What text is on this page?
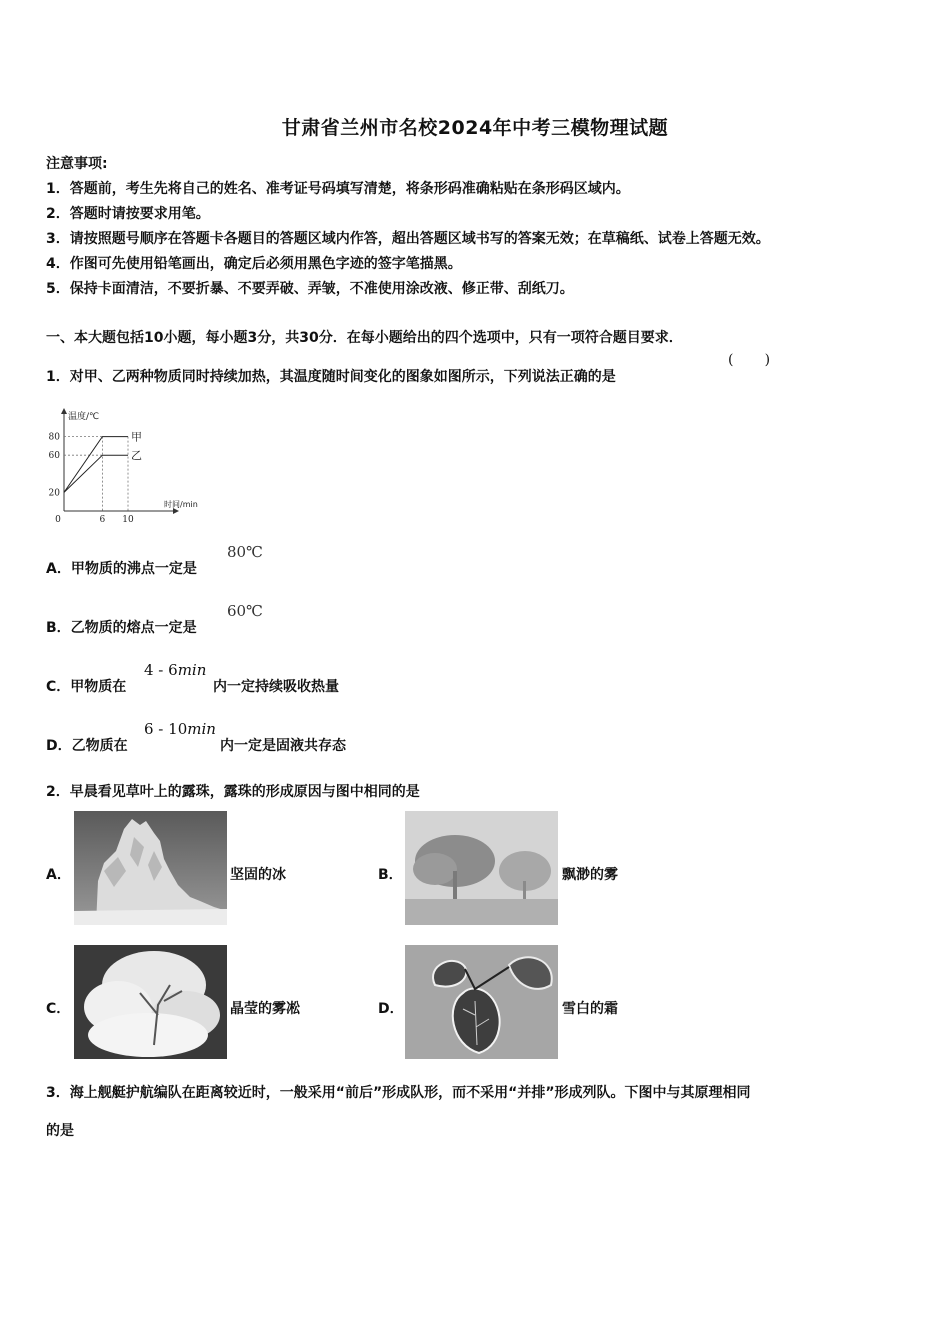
甘肃省兰州市名校2024年中考三模物理试题
注意事项:
1．答题前，考生先将自己的姓名、准考证号码填写清楚，将条形码准确粘贴在条形码区域内。
2．答题时请按要求用笔。
3．请按照题号顺序在答题卡各题目的答题区域内作答，超出答题区域书写的答案无效；在草稿纸、试卷上答题无效。
4．作图可先使用铅笔画出，确定后必须用黑色字迹的签字笔描黑。
5．保持卡面清洁，不要折暴、不要弄破、弄皱，不准使用涂改液、修正带、刮纸刀。
一、本大题包括10小题，每小题3分，共30分．在每小题给出的四个选项中，只有一项符合题目要求．
1．对甲、乙两种物质同时持续加热，其温度随时间变化的图象如图所示，下列说法正确的是
(       )
甲
乙
20
60
80
0	6 10
温度/℃
时间/min
A．甲物质的沸点一定是
80℃
B．乙物质的熔点一定是
60℃
C．甲物质在
4 - 6min
内一定持续吸收热量
D．乙物质在
6 - 10min
内一定是固液共存态
2．早晨看见草叶上的露珠，露珠的形成原因与图中相同的是
A．	坚固的冰	B．	飘渺的雾
C．	晶莹的雾凇	D．	雪白的霜
3．海上舰艇护航编队在距离较近时，一般采用“前后”形成队形，而不采用“并排”形成列队。下图中与其原理相同
的是
